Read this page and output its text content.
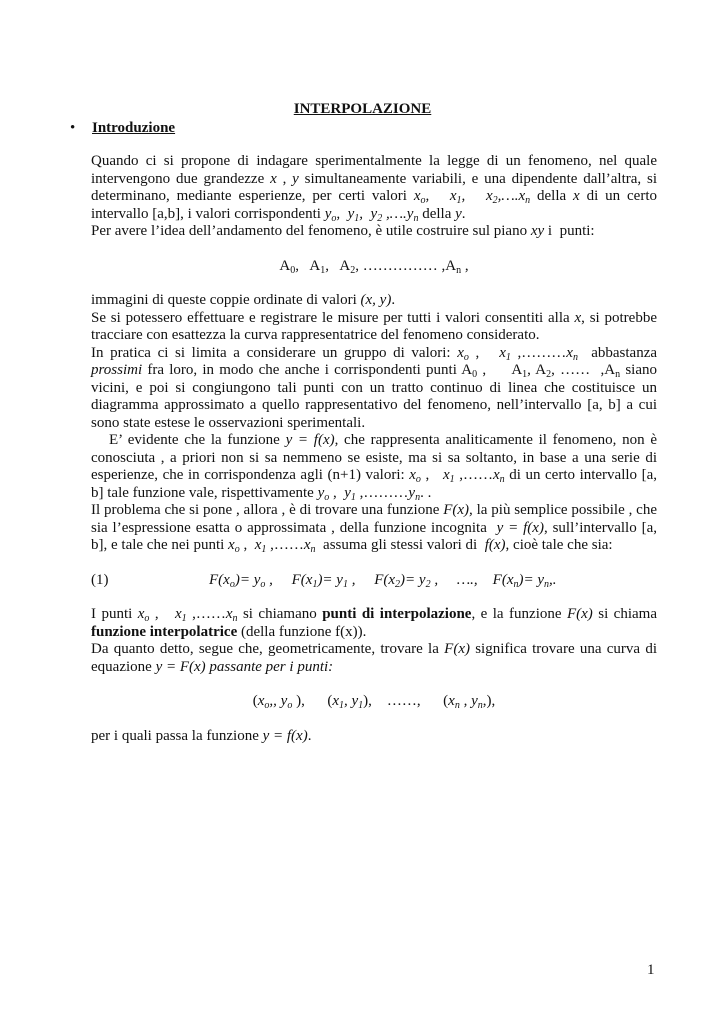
INTERPOLAZIONE
• Introduzione

Quando ci si propone di indagare sperimentalmente la legge di un fenomeno, nel quale intervengono due grandezze x , y simultaneamente variabili, e una dipendente dall’altra, si determinano, mediante esperienze, per certi valori $x_o$,   $x_1$,   $x_2,\dots.x_n$ della x di un certo intervallo [a,b], i valori corrispondenti $y_o$,  $y_1$,  $y_2$ $,\dots.y_n$ della y.

Per avere l’idea dell’andamento del fenomeno, è utile costruire sul piano xy i  punti:

$A_0$,   $A_1$,   $A_2$, …………… $,A_n$ ,

immagini di queste coppie ordinate di valori (x, y).

Se si potessero effettuare e registrare le misure per tutti i valori consentiti alla x, si potrebbe tracciare con esattezza la curva rappresentatrice del fenomeno considerato.

In pratica ci si limita a considerare un gruppo di valori: $x_o$ ,   $x_1$ $,\dots\dots\dots x_n$  abbastanza prossimi fra loro, in modo che anche i corrispondenti punti $A_0$ ,     $A_1$, $A_2$, ……  $,A_n$ siano vicini, e poi si congiungono tali punti con un tratto continuo di linea che costituisce un diagramma approssimato a quello rappresentativo del fenomeno, nell’intervallo [a, b] a cui sono state estese le osservazioni sperimentali.

E’ evidente che la funzione y = f(x), che rappresenta analiticamente il fenomeno, non è conosciuta , a priori non si sa nemmeno se esiste, ma si sa soltanto, in base a una serie di esperienze, che in corrispondenza agli (n+1) valori: $x_o$ ,   $x_1$ $,\dots\dots x_n$ di un certo intervallo [a, b] tale funzione vale, rispettivamente $y_o$ ,  $y_1$ $,\dots\dots\dots y_n$. .

Il problema che si pone , allora , è di trovare una funzione F(x), la più semplice possibile , che sia l’espressione esatta o approssimata , della funzione incognita  y = f(x), sull’intervallo [a, b], e tale che nei punti $x_o$ ,  $x_1$ $,\dots\dots x_n$  assuma gli stessi valori di  f(x), cioè tale che sia:

(1)	$F(x_o)= y_o$ ,     $F(x_1)= y_1$ ,     $F(x_2)= y_2$ ,     ….,    $F(x_n)= y_n$,.

I punti $x_o$ ,   $x_1$ $,\dots\dots x_n$ si chiamano punti di interpolazione, e la funzione F(x) si chiama funzione interpolatrice (della funzione f(x)).

Da quanto detto, segue che, geometricamente, trovare la F(x) significa trovare una curva di equazione y = F(x) passante per i punti:

($x_o$,, $y_o$ ),      ($x_1$, $y_1$),    ……,      ($x_n$ , $y_n$,),

per i quali passa la funzione y = f(x).

1
